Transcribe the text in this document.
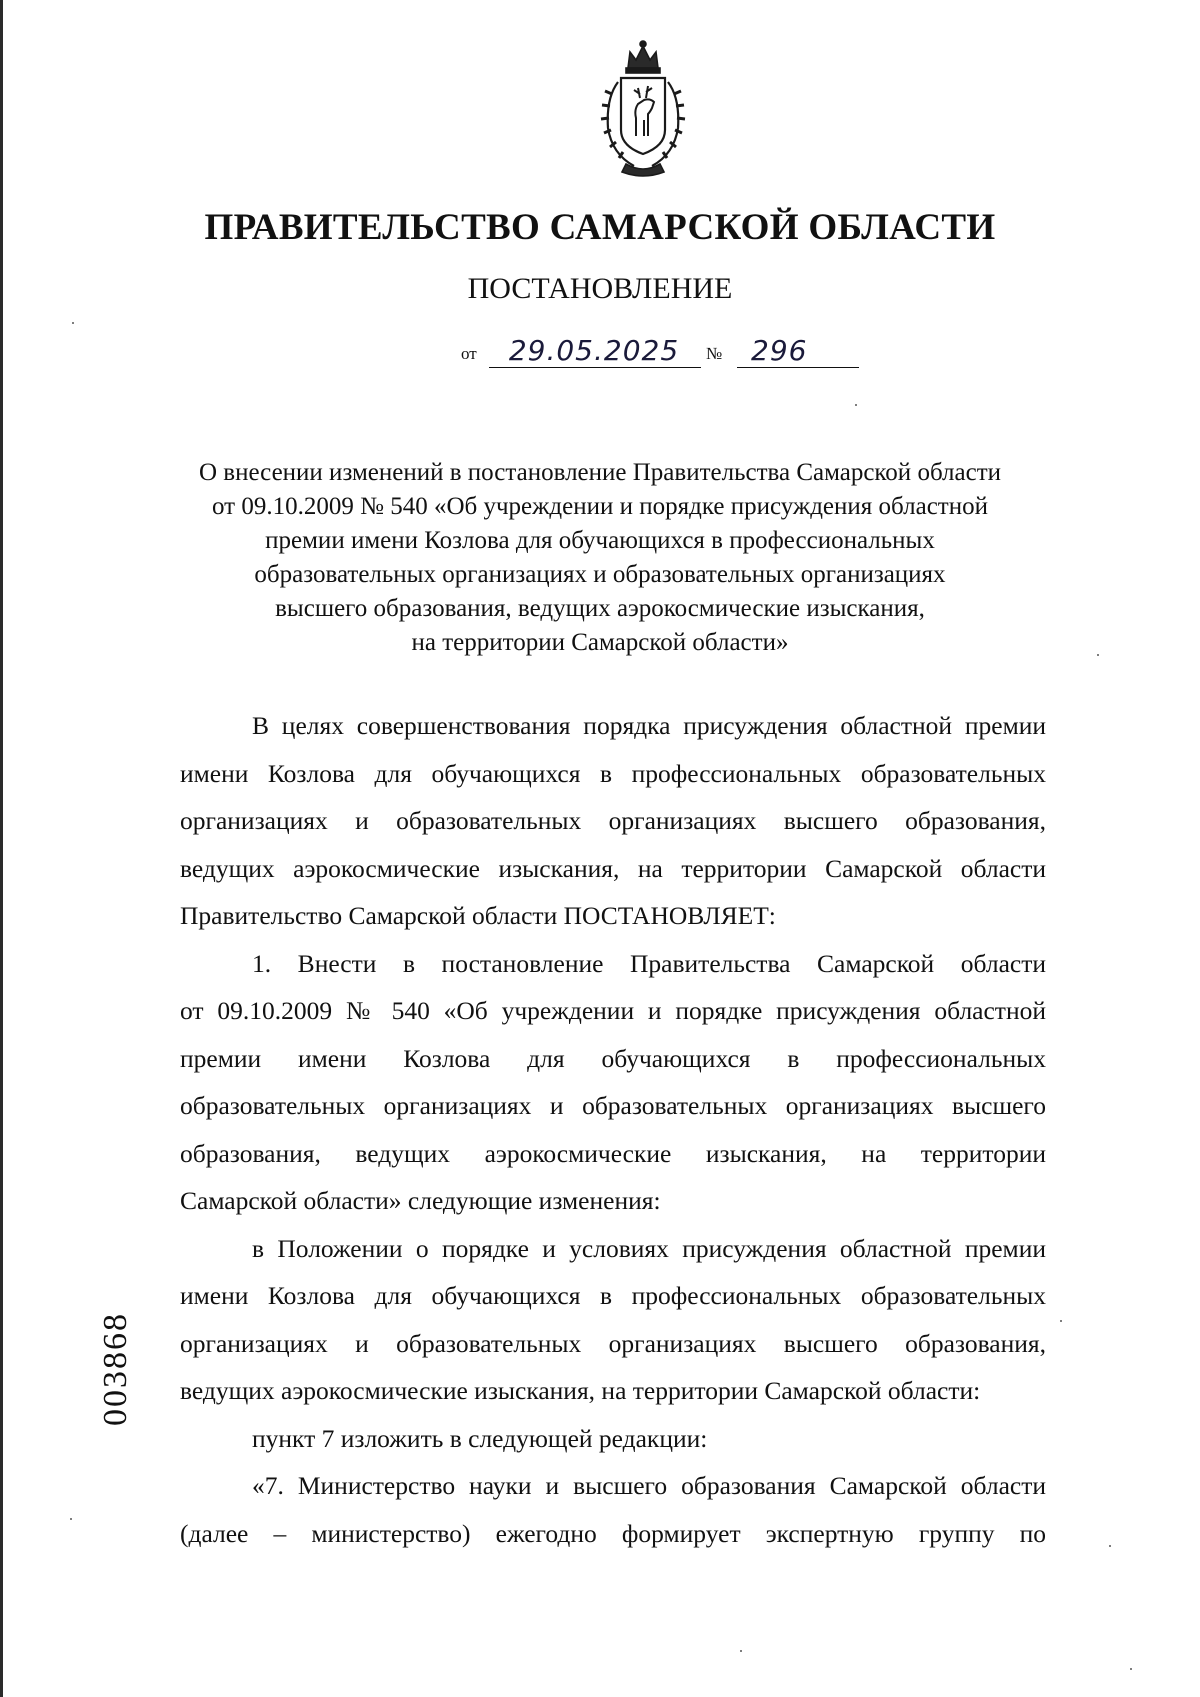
ПРАВИТЕЛЬСТВО САМАРСКОЙ ОБЛАСТИ
ПОСТАНОВЛЕНИЕ
от	29.05.2025	№	296
О внесении изменений в постановление Правительства Самарской области
от 09.10.2009 № 540 «Об учреждении и порядке присуждения областной
премии имени Козлова для обучающихся в профессиональных
образовательных организациях и образовательных организациях
высшего образования, ведущих аэрокосмические изыскания,
на территории Самарской области»
В целях совершенствования порядка присуждения областной премии
имени Козлова для обучающихся в профессиональных образовательных
организациях и образовательных организациях высшего образования,
ведущих аэрокосмические изыскания, на территории Самарской области
Правительство Самарской области ПОСТАНОВЛЯЕТ:
1. Внести в постановление Правительства Самарской области
от 09.10.2009 № 540 «Об учреждении и порядке присуждения областной
премии имени Козлова для обучающихся в профессиональных
образовательных организациях и образовательных организациях высшего
образования, ведущих аэрокосмические изыскания, на территории
Самарской области» следующие изменения:
в Положении о порядке и условиях присуждения областной премии
имени Козлова для обучающихся в профессиональных образовательных
организациях и образовательных организациях высшего образования,
ведущих аэрокосмические изыскания, на территории Самарской области:
пункт 7 изложить в следующей редакции:
«7. Министерство науки и высшего образования Самарской области
(далее – министерство) ежегодно формирует экспертную группу по
003868
